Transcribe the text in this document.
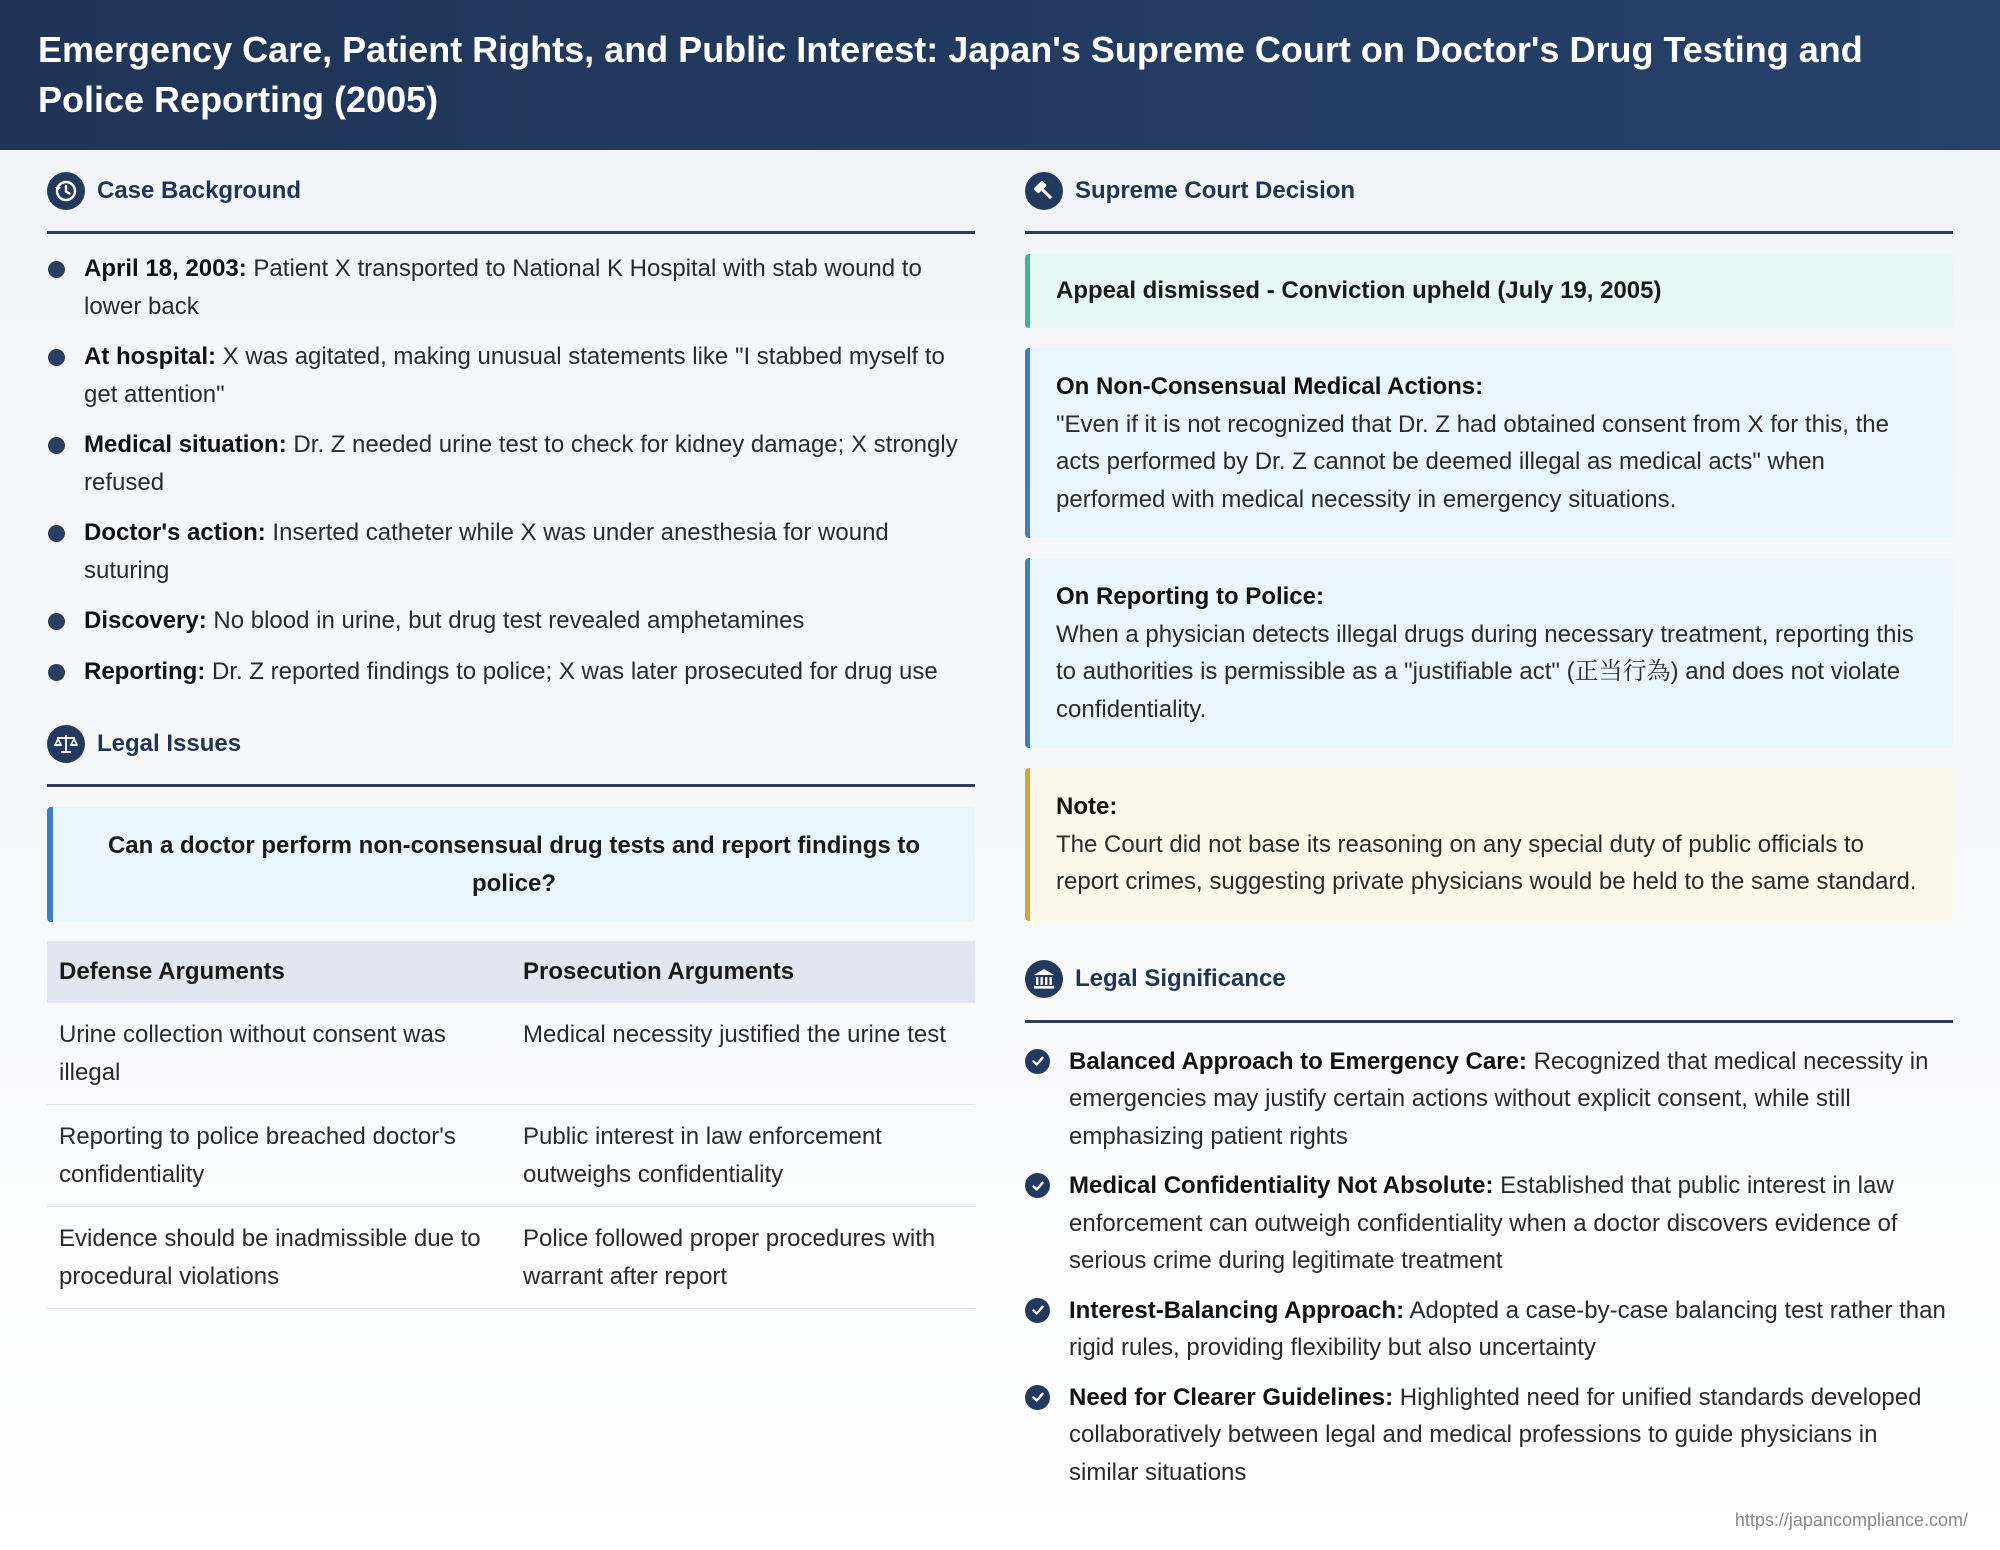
Emergency Care, Patient Rights, and Public Interest: Japan's Supreme Court on Doctor's Drug Testing and Police Reporting (2005)
Case Background
April 18, 2003: Patient X transported to National K Hospital with stab wound to lower back
At hospital: X was agitated, making unusual statements like "I stabbed myself to get attention"
Medical situation: Dr. Z needed urine test to check for kidney damage; X strongly refused
Doctor's action: Inserted catheter while X was under anesthesia for wound suturing
Discovery: No blood in urine, but drug test revealed amphetamines
Reporting: Dr. Z reported findings to police; X was later prosecuted for drug use
Legal Issues
Can a doctor perform non-consensual drug tests and report findings to police?
Defense Arguments	Prosecution Arguments
Urine collection without consent was illegal	Medical necessity justified the urine test
Reporting to police breached doctor's confidentiality	Public interest in law enforcement outweighs confidentiality
Evidence should be inadmissible due to procedural violations	Police followed proper procedures with warrant after report
Supreme Court Decision
Appeal dismissed - Conviction upheld (July 19, 2005)
On Non-Consensual Medical Actions:
"Even if it is not recognized that Dr. Z had obtained consent from X for this, the acts performed by Dr. Z cannot be deemed illegal as medical acts" when performed with medical necessity in emergency situations.
On Reporting to Police:
When a physician detects illegal drugs during necessary treatment, reporting this to authorities is permissible as a "justifiable act" (正当行為) and does not violate confidentiality.
Note:
The Court did not base its reasoning on any special duty of public officials to report crimes, suggesting private physicians would be held to the same standard.
Legal Significance
Balanced Approach to Emergency Care: Recognized that medical necessity in emergencies may justify certain actions without explicit consent, while still emphasizing patient rights
Medical Confidentiality Not Absolute: Established that public interest in law enforcement can outweigh confidentiality when a doctor discovers evidence of serious crime during legitimate treatment
Interest-Balancing Approach: Adopted a case-by-case balancing test rather than rigid rules, providing flexibility but also uncertainty
Need for Clearer Guidelines: Highlighted need for unified standards developed collaboratively between legal and medical professions to guide physicians in similar situations
https://japancompliance.com/
